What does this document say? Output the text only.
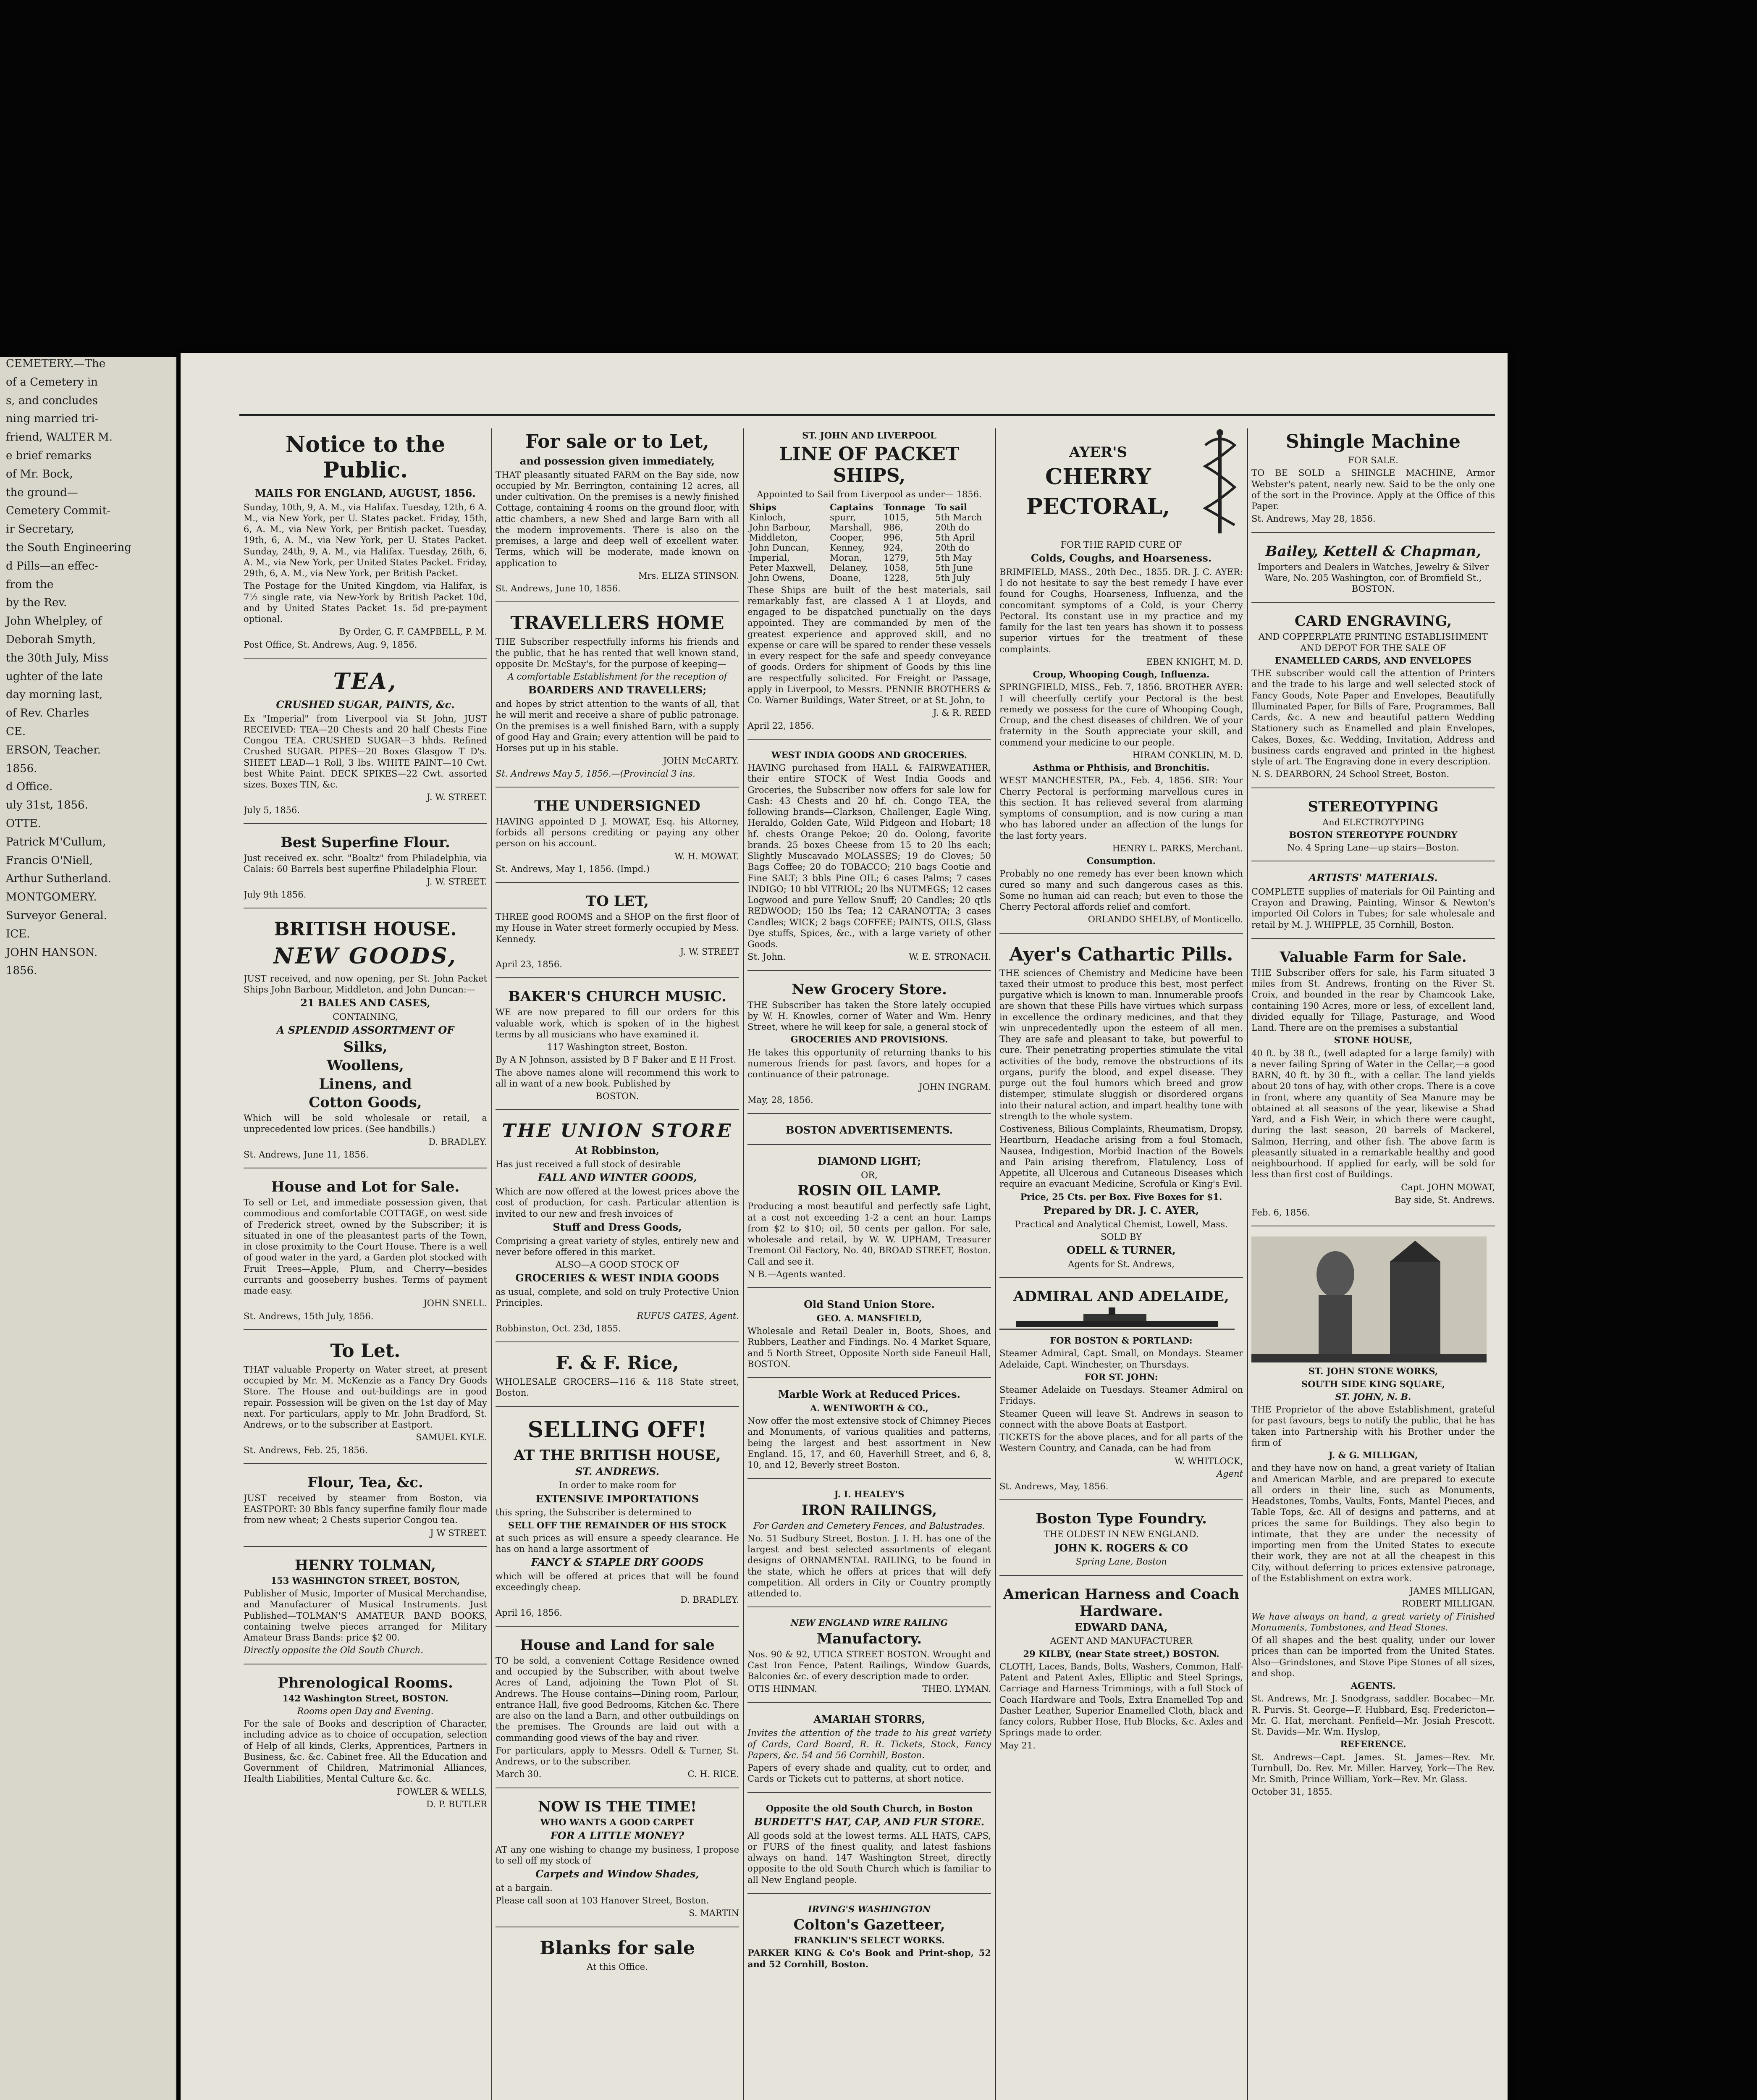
CEMETERY.—The

of a Cemetery in

s, and concludes

ning married tri-

friend, WALTER M.

e brief remarks

of Mr. Bock,

the ground—

Cemetery Commit-

ir Secretary,

the South Engineering

d Pills—an effec-

from the

by the Rev.

John Whelpley, of

Deborah Smyth,

the 30th July, Miss

ughter of the late

day morning last,

of Rev. Charles

CE.

ERSON, Teacher.

1856.

d Office.

uly 31st, 1856.

OTTE.

Patrick M'Cullum,

Francis O'Niell,

Arthur Sutherland.

MONTGOMERY.

Surveyor General.

ICE.

JOHN HANSON.

1856.

Notice to the Public.
MAILS FOR ENGLAND, AUGUST, 1856.
Sunday, 10th, 9, A. M., via Halifax. Tuesday, 12th, 6 A. M., via New York, per U. States packet. Friday, 15th, 6, A. M., via New York, per British packet. Tuesday, 19th, 6, A. M., via New York, per U. States Packet. Sunday, 24th, 9, A. M., via Halifax. Tuesday, 26th, 6, A. M., via New York, per United States Packet. Friday, 29th, 6, A. M., via New York, per British Packet.
The Postage for the United Kingdom, via Halifax, is 7½ single rate, via New-York by British Packet 10d, and by United States Packet 1s. 5d pre-payment optional.
By Order, G. F. CAMPBELL, P. M.
Post Office, St. Andrews, Aug. 9, 1856.
TEA,
CRUSHED SUGAR, PAINTS, &c.
Ex "Imperial" from Liverpool via St John, JUST RECEIVED: TEA—20 Chests and 20 half Chests Fine Congou TEA. CRUSHED SUGAR—3 hhds. Refined Crushed SUGAR. PIPES—20 Boxes Glasgow T D's. SHEET LEAD—1 Roll, 3 lbs. WHITE PAINT—10 Cwt. best White Paint. DECK SPIKES—22 Cwt. assorted sizes. Boxes TIN, &c.
J. W. STREET.
July 5, 1856.
Best Superfine Flour.
Just received ex. schr. "Boaltz" from Philadelphia, via Calais: 60 Barrels best superfine Philadelphia Flour.
J. W. STREET.
July 9th 1856.
BRITISH HOUSE.
NEW GOODS,
JUST received, and now opening, per St. John Packet Ships John Barbour, Middleton, and John Duncan:—
21 BALES AND CASES,
CONTAINING,
A SPLENDID ASSORTMENT OF
Silks,
Woollens,
Linens, and
Cotton Goods,
Which will be sold wholesale or retail, a unprecedented low prices. (See handbills.)
D. BRADLEY.
St. Andrews, June 11, 1856.
House and Lot for Sale.
To sell or Let, and immediate possession given, that commodious and comfortable COTTAGE, on west side of Frederick street, owned by the Subscriber; it is situated in one of the pleasantest parts of the Town, in close proximity to the Court House. There is a well of good water in the yard, a Garden plot stocked with Fruit Trees—Apple, Plum, and Cherry—besides currants and gooseberry bushes. Terms of payment made easy.
JOHN SNELL.
St. Andrews, 15th July, 1856.
To Let.
THAT valuable Property on Water street, at present occupied by Mr. M. McKenzie as a Fancy Dry Goods Store. The House and out-buildings are in good repair. Possession will be given on the 1st day of May next. For particulars, apply to Mr. John Bradford, St. Andrews, or to the subscriber at Eastport.
SAMUEL KYLE.
St. Andrews, Feb. 25, 1856.
Flour, Tea, &c.
JUST received by steamer from Boston, via EASTPORT: 30 Bbls fancy superfine family flour made from new wheat; 2 Chests superior Congou tea.
J W STREET.
HENRY TOLMAN,
153 WASHINGTON STREET, BOSTON,
Publisher of Music, Importer of Musical Merchandise, and Manufacturer of Musical Instruments. Just Published—TOLMAN'S AMATEUR BAND BOOKS, containing twelve pieces arranged for Military Amateur Brass Bands: price $2 00.
Directly opposite the Old South Church.
Phrenological Rooms.
142 Washington Street, BOSTON.
Rooms open Day and Evening.
For the sale of Books and description of Character, including advice as to choice of occupation, selection of Help of all kinds, Clerks, Apprentices, Partners in Business, &c. &c. Cabinet free. All the Education and Government of Children, Matrimonial Alliances, Health Liabilities, Mental Culture &c. &c.
FOWLER & WELLS,
D. P. BUTLER
For sale or to Let,
and possession given immediately,
THAT pleasantly situated FARM on the Bay side, now occupied by Mr. Berrington, containing 12 acres, all under cultivation. On the premises is a newly finished Cottage, containing 4 rooms on the ground floor, with attic chambers, a new Shed and large Barn with all the modern improvements. There is also on the premises, a large and deep well of excellent water. Terms, which will be moderate, made known on application to
Mrs. ELIZA STINSON.
St. Andrews, June 10, 1856.
TRAVELLERS HOME
THE Subscriber respectfully informs his friends and the public, that he has rented that well known stand, opposite Dr. McStay's, for the purpose of keeping—
A comfortable Establishment for the reception of
BOARDERS AND TRAVELLERS;
and hopes by strict attention to the wants of all, that he will merit and receive a share of public patronage. On the premises is a well finished Barn, with a supply of good Hay and Grain; every attention will be paid to Horses put up in his stable.
JOHN McCARTY.
St. Andrews May 5, 1856.—(Provincial 3 ins.
THE UNDERSIGNED
HAVING appointed D J. MOWAT, Esq. his Attorney, forbids all persons crediting or paying any other person on his account.
W. H. MOWAT.
St. Andrews, May 1, 1856. (Impd.)
TO LET,
THREE good ROOMS and a SHOP on the first floor of my House in Water street formerly occupied by Mess. Kennedy.
J. W. STREET
April 23, 1856.
BAKER'S CHURCH MUSIC.
WE are now prepared to fill our orders for this valuable work, which is spoken of in the highest terms by all musicians who have examined it.
117 Washington street, Boston.
By A N Johnson, assisted by B F Baker and E H Frost.
The above names alone will recommend this work to all in want of a new book. Published by
BOSTON.
THE UNION STORE
At Robbinston,
Has just received a full stock of desirable
FALL AND WINTER GOODS,
Which are now offered at the lowest prices above the cost of production, for cash. Particular attention is invited to our new and fresh invoices of
Stuff and Dress Goods,
Comprising a great variety of styles, entirely new and never before offered in this market.
ALSO—A GOOD STOCK OF
GROCERIES & WEST INDIA GOODS
as usual, complete, and sold on truly Protective Union Principles.
RUFUS GATES, Agent.
Robbinston, Oct. 23d, 1855.
F. & F. Rice,
WHOLESALE GROCERS—116 & 118 State street, Boston.
SELLING OFF!
AT THE BRITISH HOUSE,
ST. ANDREWS.
In order to make room for
EXTENSIVE IMPORTATIONS
this spring, the Subscriber is determined to
SELL OFF THE REMAINDER OF HIS STOCK
at such prices as will ensure a speedy clearance. He has on hand a large assortment of
FANCY & STAPLE DRY GOODS
which will be offered at prices that will be found exceedingly cheap.
D. BRADLEY.
April 16, 1856.
House and Land for sale
TO be sold, a convenient Cottage Residence owned and occupied by the Subscriber, with about twelve Acres of Land, adjoining the Town Plot of St. Andrews. The House contains—Dining room, Parlour, entrance Hall, five good Bedrooms, Kitchen &c. There are also on the land a Barn, and other outbuildings on the premises. The Grounds are laid out with a commanding good views of the bay and river.
For particulars, apply to Messrs. Odell & Turner, St. Andrews, or to the subscriber.
March 30.	C. H. RICE.
NOW IS THE TIME!
WHO WANTS A GOOD CARPET
FOR A LITTLE MONEY?
AT any one wishing to change my business, I propose to sell off my stock of
Carpets and Window Shades,
at a bargain.
Please call soon at 103 Hanover Street, Boston.
S. MARTIN
Blanks for sale
At this Office.
ST. JOHN AND LIVERPOOL
LINE OF PACKET SHIPS,
Appointed to Sail from Liverpool as under— 1856.
Ships	Captains	Tonnage	To sail
Kinloch,	spurr,	1015,	5th March
John Barbour,	Marshall,	986,	20th do
Middleton,	Cooper,	996,	5th April
John Duncan,	Kenney,	924,	20th do
Imperial,	Moran,	1279,	5th May
Peter Maxwell,	Delaney,	1058,	5th June
John Owens,	Doane,	1228,	5th July
These Ships are built of the best materials, sail remarkably fast, are classed A 1 at Lloyds, and engaged to be dispatched punctually on the days appointed. They are commanded by men of the greatest experience and approved skill, and no expense or care will be spared to render these vessels in every respect for the safe and speedy conveyance of goods. Orders for shipment of Goods by this line are respectfully solicited. For Freight or Passage, apply in Liverpool, to Messrs. PENNIE BROTHERS & Co. Warner Buildings, Water Street, or at St. John, to
J. & R. REED
April 22, 1856.
WEST INDIA GOODS AND GROCERIES.
HAVING purchased from HALL & FAIRWEATHER, their entire STOCK of West India Goods and Groceries, the Subscriber now offers for sale low for Cash: 43 Chests and 20 hf. ch. Congo TEA, the following brands—Clarkson, Challenger, Eagle Wing, Heraldo, Golden Gate, Wild Pidgeon and Hobart; 18 hf. chests Orange Pekoe; 20 do. Oolong, favorite brands. 25 boxes Cheese from 15 to 20 lbs each; Slightly Muscavado MOLASSES; 19 do Cloves; 50 Bags Coffee; 20 do TOBACCO; 210 bags Cootie and Fine SALT; 3 bbls Pine OIL; 6 cases Palms; 7 cases INDIGO; 10 bbl VITRIOL; 20 lbs NUTMEGS; 12 cases Logwood and pure Yellow Snuff; 20 Candles; 20 qtls REDWOOD; 150 lbs Tea; 12 CARANOTTA; 3 cases Candles; WICK; 2 bags COFFEE; PAINTS, OILS, Glass Dye stuffs, Spices, &c., with a large variety of other Goods.
St. John.	W. E. STRONACH.
New Grocery Store.
THE Subscriber has taken the Store lately occupied by W. H. Knowles, corner of Water and Wm. Henry Street, where he will keep for sale, a general stock of
GROCERIES AND PROVISIONS.
He takes this opportunity of returning thanks to his numerous friends for past favors, and hopes for a continuance of their patronage.
JOHN INGRAM.
May, 28, 1856.
BOSTON ADVERTISEMENTS.
DIAMOND LIGHT;
OR,
ROSIN OIL LAMP.
Producing a most beautiful and perfectly safe Light, at a cost not exceeding 1-2 a cent an hour. Lamps from $2 to $10; oil, 50 cents per gallon. For sale, wholesale and retail, by W. W. UPHAM, Treasurer Tremont Oil Factory, No. 40, BROAD STREET, Boston. Call and see it.
N B.—Agents wanted.
Old Stand Union Store.
GEO. A. MANSFIELD,
Wholesale and Retail Dealer in, Boots, Shoes, and Rubbers, Leather and Findings. No. 4 Market Square, and 5 North Street, Opposite North side Faneuil Hall, BOSTON.
Marble Work at Reduced Prices.
A. WENTWORTH & CO.,
Now offer the most extensive stock of Chimney Pieces and Monuments, of various qualities and patterns, being the largest and best assortment in New England. 15, 17, and 60, Haverhill Street, and 6, 8, 10, and 12, Beverly street Boston.
J. I. HEALEY'S
IRON RAILINGS,
For Garden and Cemetery Fences, and Balustrades.
No. 51 Sudbury Street, Boston. J. I. H. has one of the largest and best selected assortments of elegant designs of ORNAMENTAL RAILING, to be found in the state, which he offers at prices that will defy competition. All orders in City or Country promptly attended to.
NEW ENGLAND WIRE RAILING
Manufactory.
Nos. 90 & 92, UTICA STREET BOSTON. Wrought and Cast Iron Fence, Patent Railings, Window Guards, Balconies &c. of every description made to order.
OTIS HINMAN.	THEO. LYMAN.
AMARIAH STORRS,
Invites the attention of the trade to his great variety of Cards, Card Board, R. R. Tickets, Stock, Fancy Papers, &c. 54 and 56 Cornhill, Boston.
Papers of every shade and quality, cut to order, and Cards or Tickets cut to patterns, at short notice.
Opposite the old South Church, in Boston
BURDETT'S HAT, CAP, AND FUR STORE.
All goods sold at the lowest terms. ALL HATS, CAPS, or FURS of the finest quality, and latest fashions always on hand. 147 Washington Street, directly opposite to the old South Church which is familiar to all New England people.
IRVING'S WASHINGTON
Colton's Gazetteer,
FRANKLIN'S SELECT WORKS.
PARKER KING & Co's Book and Print-shop, 52 and 52 Cornhill, Boston.
AYER'S
CHERRY
PECTORAL,
FOR THE RAPID CURE OF
Colds, Coughs, and Hoarseness.
BRIMFIELD, MASS., 20th Dec., 1855. DR. J. C. AYER: I do not hesitate to say the best remedy I have ever found for Coughs, Hoarseness, Influenza, and the concomitant symptoms of a Cold, is your Cherry Pectoral. Its constant use in my practice and my family for the last ten years has shown it to possess superior virtues for the treatment of these complaints.
EBEN KNIGHT, M. D.
Croup, Whooping Cough, Influenza.
SPRINGFIELD, MISS., Feb. 7, 1856. BROTHER AYER: I will cheerfully certify your Pectoral is the best remedy we possess for the cure of Whooping Cough, Croup, and the chest diseases of children. We of your fraternity in the South appreciate your skill, and commend your medicine to our people.
HIRAM CONKLIN, M. D.
Asthma or Phthisis, and Bronchitis.
WEST MANCHESTER, PA., Feb. 4, 1856. SIR: Your Cherry Pectoral is performing marvellous cures in this section. It has relieved several from alarming symptoms of consumption, and is now curing a man who has labored under an affection of the lungs for the last forty years.
HENRY L. PARKS, Merchant.
Consumption.
Probably no one remedy has ever been known which cured so many and such dangerous cases as this. Some no human aid can reach; but even to those the Cherry Pectoral affords relief and comfort.
ORLANDO SHELBY, of Monticello.
Ayer's Cathartic Pills.
THE sciences of Chemistry and Medicine have been taxed their utmost to produce this best, most perfect purgative which is known to man. Innumerable proofs are shown that these Pills have virtues which surpass in excellence the ordinary medicines, and that they win unprecedentedly upon the esteem of all men. They are safe and pleasant to take, but powerful to cure. Their penetrating properties stimulate the vital activities of the body, remove the obstructions of its organs, purify the blood, and expel disease. They purge out the foul humors which breed and grow distemper, stimulate sluggish or disordered organs into their natural action, and impart healthy tone with strength to the whole system.
Costiveness, Bilious Complaints, Rheumatism, Dropsy, Heartburn, Headache arising from a foul Stomach, Nausea, Indigestion, Morbid Inaction of the Bowels and Pain arising therefrom, Flatulency, Loss of Appetite, all Ulcerous and Cutaneous Diseases which require an evacuant Medicine, Scrofula or King's Evil.
Price, 25 Cts. per Box. Five Boxes for $1.
Prepared by DR. J. C. AYER,
Practical and Analytical Chemist, Lowell, Mass.
SOLD BY
ODELL & TURNER,
Agents for St. Andrews,
ADMIRAL AND ADELAIDE,
FOR BOSTON & PORTLAND:
Steamer Admiral, Capt. Small, on Mondays. Steamer Adelaide, Capt. Winchester, on Thursdays.
FOR ST. JOHN:
Steamer Adelaide on Tuesdays. Steamer Admiral on Fridays.
Steamer Queen will leave St. Andrews in season to connect with the above Boats at Eastport.
TICKETS for the above places, and for all parts of the Western Country, and Canada, can be had from
W. WHITLOCK,
Agent
St. Andrews, May, 1856.
Boston Type Foundry.
THE OLDEST IN NEW ENGLAND.
JOHN K. ROGERS & CO
Spring Lane, Boston
American Harness and Coach Hardware.
EDWARD DANA,
AGENT AND MANUFACTURER
29 KILBY, (near State street,) BOSTON.
CLOTH, Laces, Bands, Bolts, Washers, Common, Half-Patent and Patent Axles, Elliptic and Steel Springs, Carriage and Harness Trimmings, with a full Stock of Coach Hardware and Tools, Extra Enamelled Top and Dasher Leather, Superior Enamelled Cloth, black and fancy colors, Rubber Hose, Hub Blocks, &c. Axles and Springs made to order.
May 21.
Shingle Machine
FOR SALE.
TO BE SOLD a SHINGLE MACHINE, Armor Webster's patent, nearly new. Said to be the only one of the sort in the Province. Apply at the Office of this Paper.
St. Andrews, May 28, 1856.
Bailey, Kettell & Chapman,
Importers and Dealers in Watches, Jewelry & Silver Ware, No. 205 Washington, cor. of Bromfield St., BOSTON.
CARD ENGRAVING,
AND COPPERPLATE PRINTING ESTABLISHMENT AND DEPOT FOR THE SALE OF
ENAMELLED CARDS, AND ENVELOPES
THE subscriber would call the attention of Printers and the trade to his large and well selected stock of Fancy Goods, Note Paper and Envelopes, Beautifully Illuminated Paper, for Bills of Fare, Programmes, Ball Cards, &c. A new and beautiful pattern Wedding Stationery such as Enamelled and plain Envelopes, Cakes, Boxes, &c. Wedding, Invitation, Address and business cards engraved and printed in the highest style of art. The Engraving done in every description.
N. S. DEARBORN, 24 School Street, Boston.
STEREOTYPING
And ELECTROTYPING
BOSTON STEREOTYPE FOUNDRY
No. 4 Spring Lane—up stairs—Boston.
ARTISTS' MATERIALS.
COMPLETE supplies of materials for Oil Painting and Crayon and Drawing, Painting, Winsor & Newton's imported Oil Colors in Tubes; for sale wholesale and retail by M. J. WHIPPLE, 35 Cornhill, Boston.
Valuable Farm for Sale.
THE Subscriber offers for sale, his Farm situated 3 miles from St. Andrews, fronting on the River St. Croix, and bounded in the rear by Chamcook Lake, containing 190 Acres, more or less, of excellent land, divided equally for Tillage, Pasturage, and Wood Land. There are on the premises a substantial
STONE HOUSE,
40 ft. by 38 ft., (well adapted for a large family) with a never failing Spring of Water in the Cellar,—a good BARN, 40 ft. by 30 ft., with a cellar. The land yields about 20 tons of hay, with other crops. There is a cove in front, where any quantity of Sea Manure may be obtained at all seasons of the year, likewise a Shad Yard, and a Fish Weir, in which there were caught, during the last season, 20 barrels of Mackerel, Salmon, Herring, and other fish. The above farm is pleasantly situated in a remarkable healthy and good neighbourhood. If applied for early, will be sold for less than first cost of Buildings.
Capt. JOHN MOWAT,
Bay side, St. Andrews.
Feb. 6, 1856.
ST. JOHN STONE WORKS,
SOUTH SIDE KING SQUARE,
ST. JOHN, N. B.
THE Proprietor of the above Establishment, grateful for past favours, begs to notify the public, that he has taken into Partnership with his Brother under the firm of
J. & G. MILLIGAN,
and they have now on hand, a great variety of Italian and American Marble, and are prepared to execute all orders in their line, such as Monuments, Headstones, Tombs, Vaults, Fonts, Mantel Pieces, and Table Tops, &c. All of designs and patterns, and at prices the same for Buildings. They also begin to intimate, that they are under the necessity of importing men from the United States to execute their work, they are not at all the cheapest in this City, without deferring to prices extensive patronage, of the Establishment on extra work.
JAMES MILLIGAN,
ROBERT MILLIGAN.
We have always on hand, a great variety of Finished Monuments, Tombstones, and Head Stones.
Of all shapes and the best quality, under our lower prices than can be imported from the United States. Also—Grindstones, and Stove Pipe Stones of all sizes, and shop.
AGENTS.
St. Andrews, Mr. J. Snodgrass, saddler. Bocabec—Mr. R. Purvis. St. George—F. Hubbard, Esq. Fredericton—Mr. G. Hat, merchant. Penfield—Mr. Josiah Prescott. St. Davids—Mr. Wm. Hyslop,
REFERENCE.
St. Andrews—Capt. James. St. James—Rev. Mr. Turnbull, Do. Rev. Mr. Miller. Harvey, York—The Rev. Mr. Smith, Prince William, York—Rev. Mr. Glass.
October 31, 1855.
